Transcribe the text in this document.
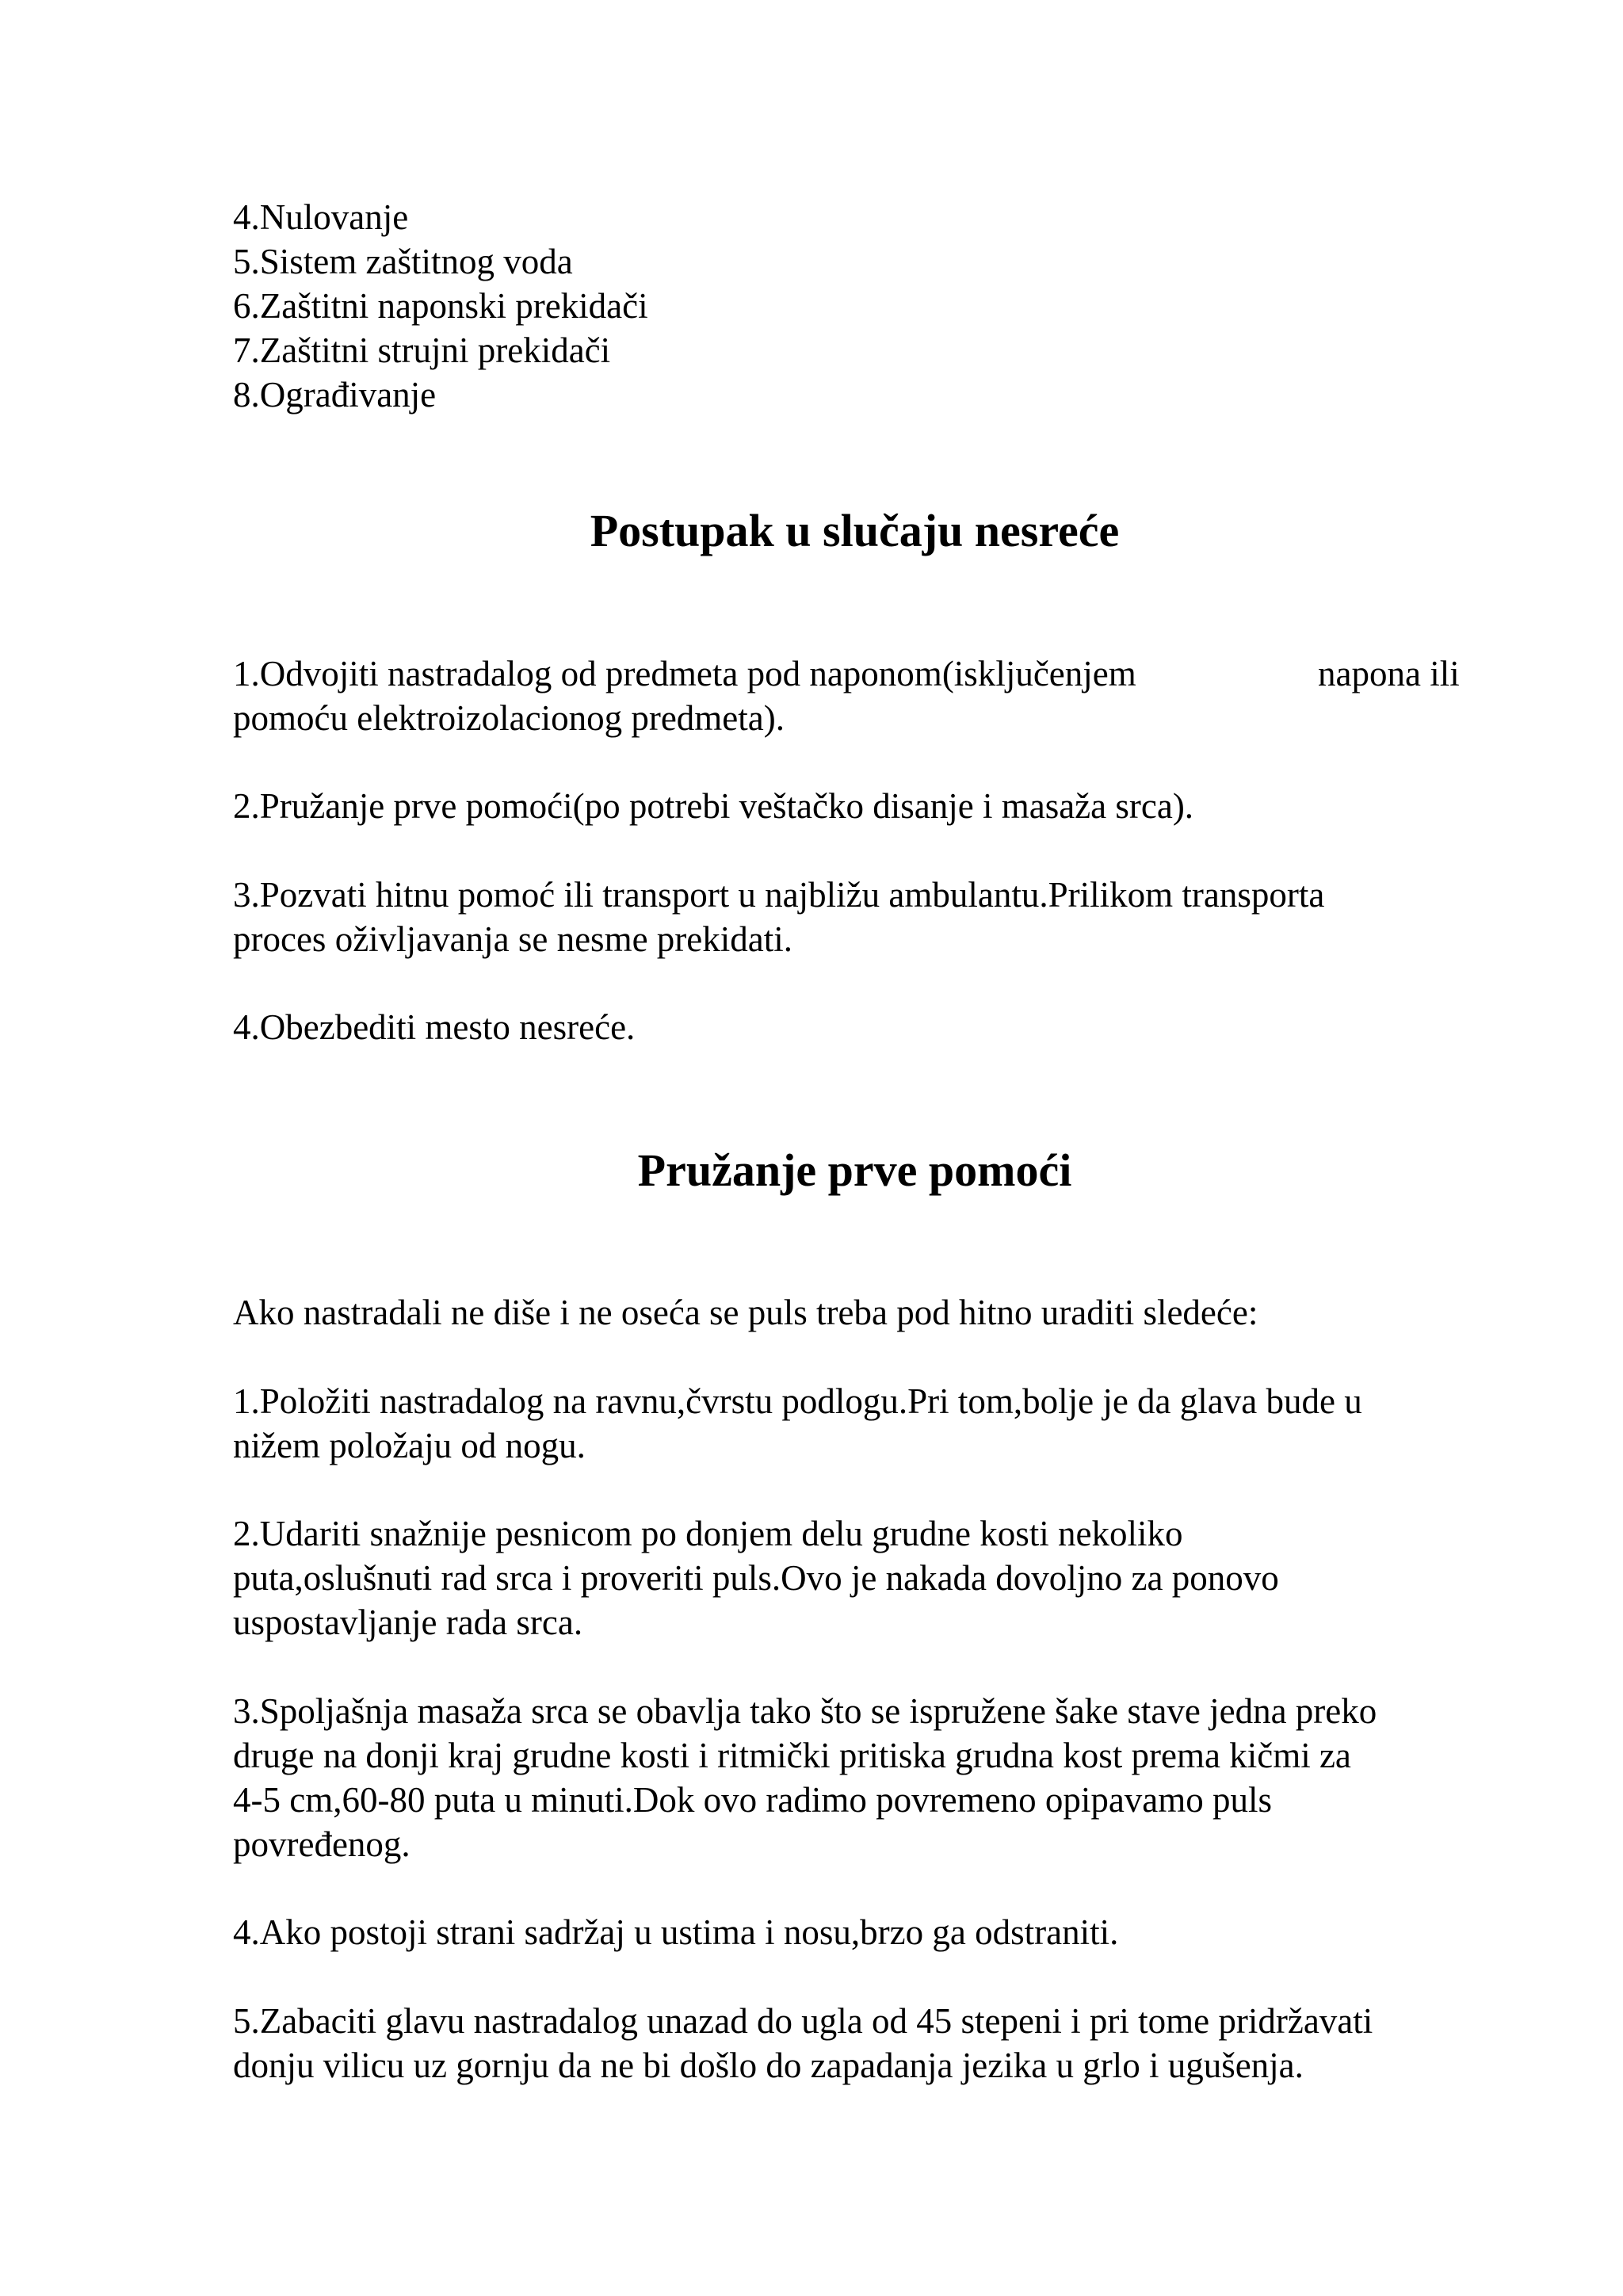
4.Nulovanje

5.Sistem zaštitnog voda

6.Zaštitni naponski prekidači

7.Zaštitni strujni prekidači

8.Ograđivanje

Postupak u slučaju nesreće

1.Odvojiti nastradalog od predmeta pod naponom(isključenjem	napona ili

pomoću elektroizolacionog predmeta).

2.Pružanje prve pomoći(po potrebi veštačko disanje i masaža srca).

3.Pozvati hitnu pomoć ili transport u najbližu ambulantu.Prilikom transporta

proces oživljavanja se nesme prekidati.

4.Obezbediti mesto nesreće.

Pružanje prve pomoći

Ako nastradali ne diše i ne oseća se puls treba pod hitno uraditi sledeće:

1.Položiti nastradalog na ravnu,čvrstu podlogu.Pri tom,bolje je da glava bude u

nižem položaju od nogu.

2.Udariti snažnije pesnicom po donjem delu grudne kosti nekoliko

puta,oslušnuti rad srca i proveriti puls.Ovo je nakada dovoljno za ponovo

uspostavljanje rada srca.

3.Spoljašnja masaža srca se obavlja tako što se ispružene šake stave jedna preko

druge na donji kraj grudne kosti i ritmički pritiska grudna kost prema kičmi za

4-5 cm,60-80 puta u minuti.Dok ovo radimo povremeno opipavamo puls

povređenog.

4.Ako postoji strani sadržaj u ustima i nosu,brzo ga odstraniti.

5.Zabaciti glavu nastradalog unazad do ugla od 45 stepeni i pri tome pridržavati

donju vilicu uz gornju da ne bi došlo do zapadanja jezika u grlo i ugušenja.
